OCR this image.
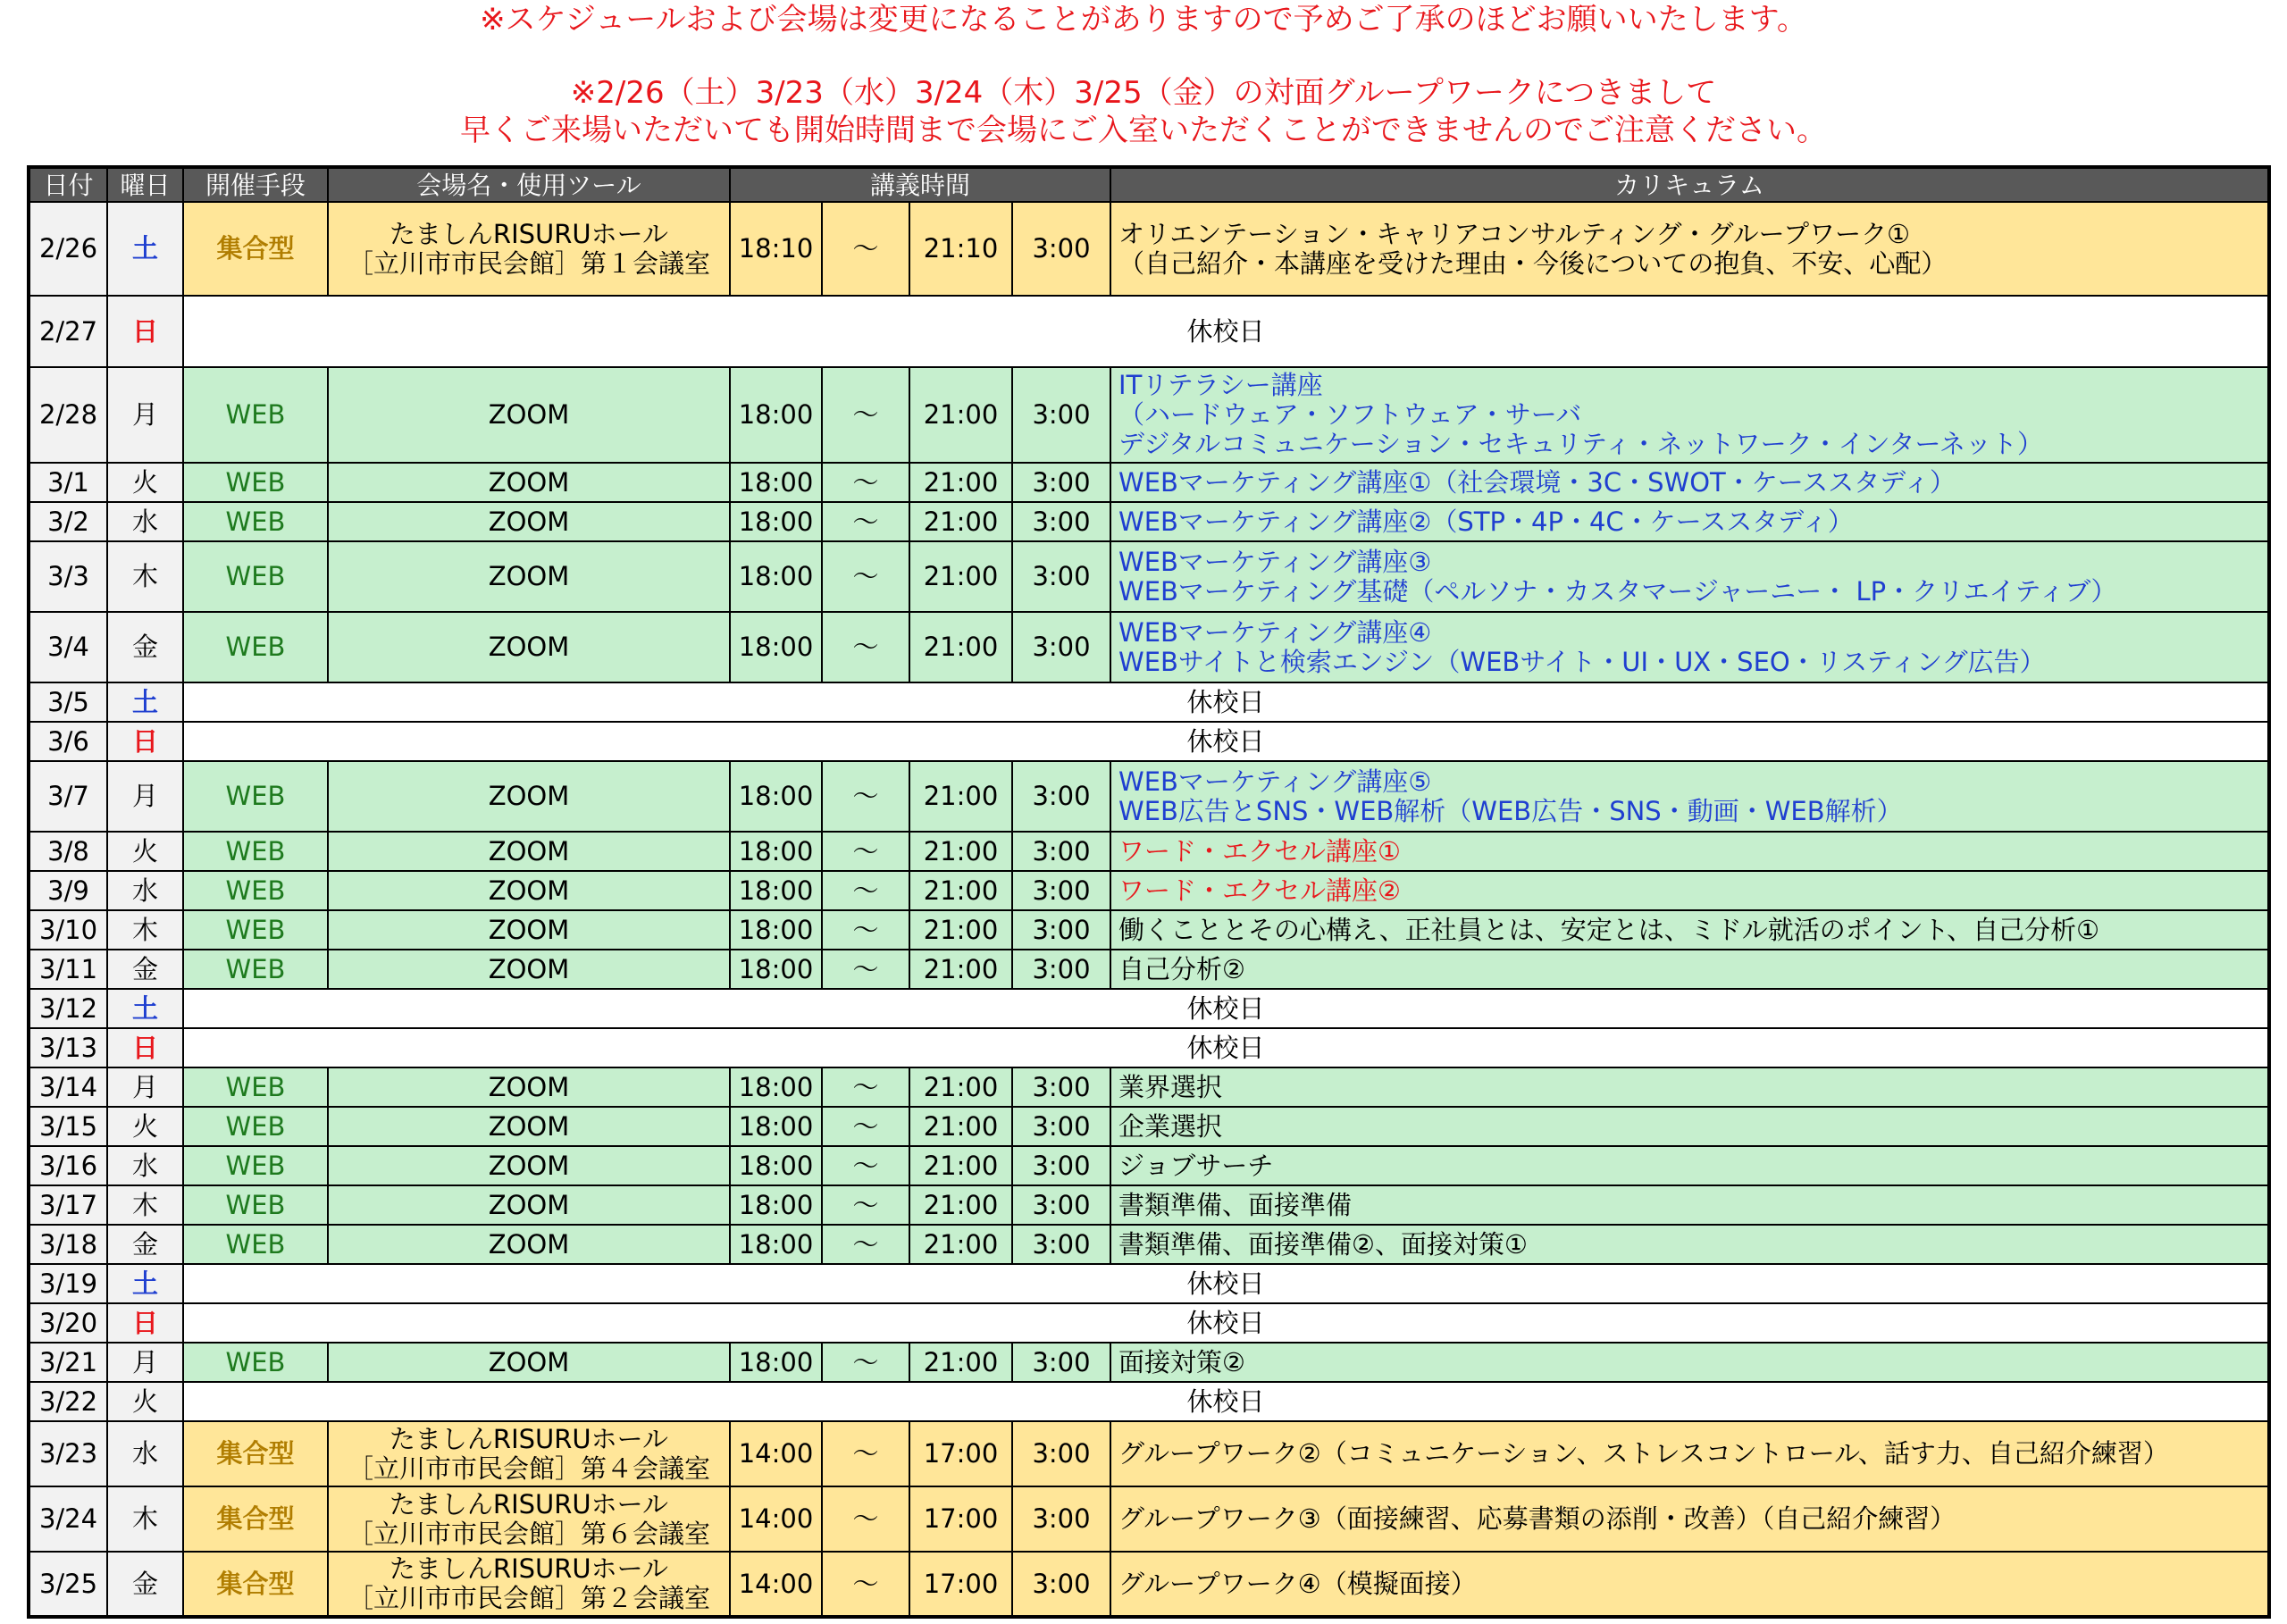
※スケジュールおよび会場は変更になることがありますので予めご了承のほどお願いいたします。
※2/26（土）3/23（水）3/24（木）3/25（金）の対面グループワークにつきまして
早くご来場いただいても開始時間まで会場にご入室いただくことができませんのでご注意ください。
日付	曜日	開催手段	会場名・使用ツール	講義時間				カリキュラム
2/26	土	集合型	たましんRISURUホール
［立川市市民会館］第１会議室	18:10	～	21:10	3:00	オリエンテーション・キャリアコンサルティング・グループワーク①
（自己紹介・本講座を受けた理由・今後についての抱負、不安、心配）
2/27	日	休校日						
2/28	月	WEB	ZOOM	18:00	～	21:00	3:00	ITリテラシー講座
（ハードウェア・ソフトウェア・サーバ
デジタルコミュニケーション・セキュリティ・ネットワーク・インターネット）
3/1	火	WEB	ZOOM	18:00	～	21:00	3:00	WEBマーケティング講座①（社会環境・3C・SWOT・ケーススタディ）
3/2	水	WEB	ZOOM	18:00	～	21:00	3:00	WEBマーケティング講座②（STP・4P・4C・ケーススタディ）
3/3	木	WEB	ZOOM	18:00	～	21:00	3:00	WEBマーケティング講座③
WEBマーケティング基礎（ペルソナ・カスタマージャーニー・ LP・クリエイティブ）
3/4	金	WEB	ZOOM	18:00	～	21:00	3:00	WEBマーケティング講座④
WEBサイトと検索エンジン（WEBサイト・UI・UX・SEO・リスティング広告）
3/5	土	休校日						
3/6	日	休校日						
3/7	月	WEB	ZOOM	18:00	～	21:00	3:00	WEBマーケティング講座⑤
WEB広告とSNS・WEB解析（WEB広告・SNS・動画・WEB解析）
3/8	火	WEB	ZOOM	18:00	～	21:00	3:00	ワード・エクセル講座①
3/9	水	WEB	ZOOM	18:00	～	21:00	3:00	ワード・エクセル講座②
3/10	木	WEB	ZOOM	18:00	～	21:00	3:00	働くこととその心構え、正社員とは、安定とは、ミドル就活のポイント、自己分析①
3/11	金	WEB	ZOOM	18:00	～	21:00	3:00	自己分析②
3/12	土	休校日						
3/13	日	休校日						
3/14	月	WEB	ZOOM	18:00	～	21:00	3:00	業界選択
3/15	火	WEB	ZOOM	18:00	～	21:00	3:00	企業選択
3/16	水	WEB	ZOOM	18:00	～	21:00	3:00	ジョブサーチ
3/17	木	WEB	ZOOM	18:00	～	21:00	3:00	書類準備、面接準備
3/18	金	WEB	ZOOM	18:00	～	21:00	3:00	書類準備、面接準備②、面接対策①
3/19	土	休校日						
3/20	日	休校日						
3/21	月	WEB	ZOOM	18:00	～	21:00	3:00	面接対策②
3/22	火	休校日						
3/23	水	集合型	たましんRISURUホール
［立川市市民会館］第４会議室	14:00	～	17:00	3:00	グループワーク②（コミュニケーション、ストレスコントロール、話す力、自己紹介練習）
3/24	木	集合型	たましんRISURUホール
［立川市市民会館］第６会議室	14:00	～	17:00	3:00	グループワーク③（面接練習、応募書類の添削・改善）（自己紹介練習）
3/25	金	集合型	たましんRISURUホール
［立川市市民会館］第２会議室	14:00	～	17:00	3:00	グループワーク④（模擬面接）
